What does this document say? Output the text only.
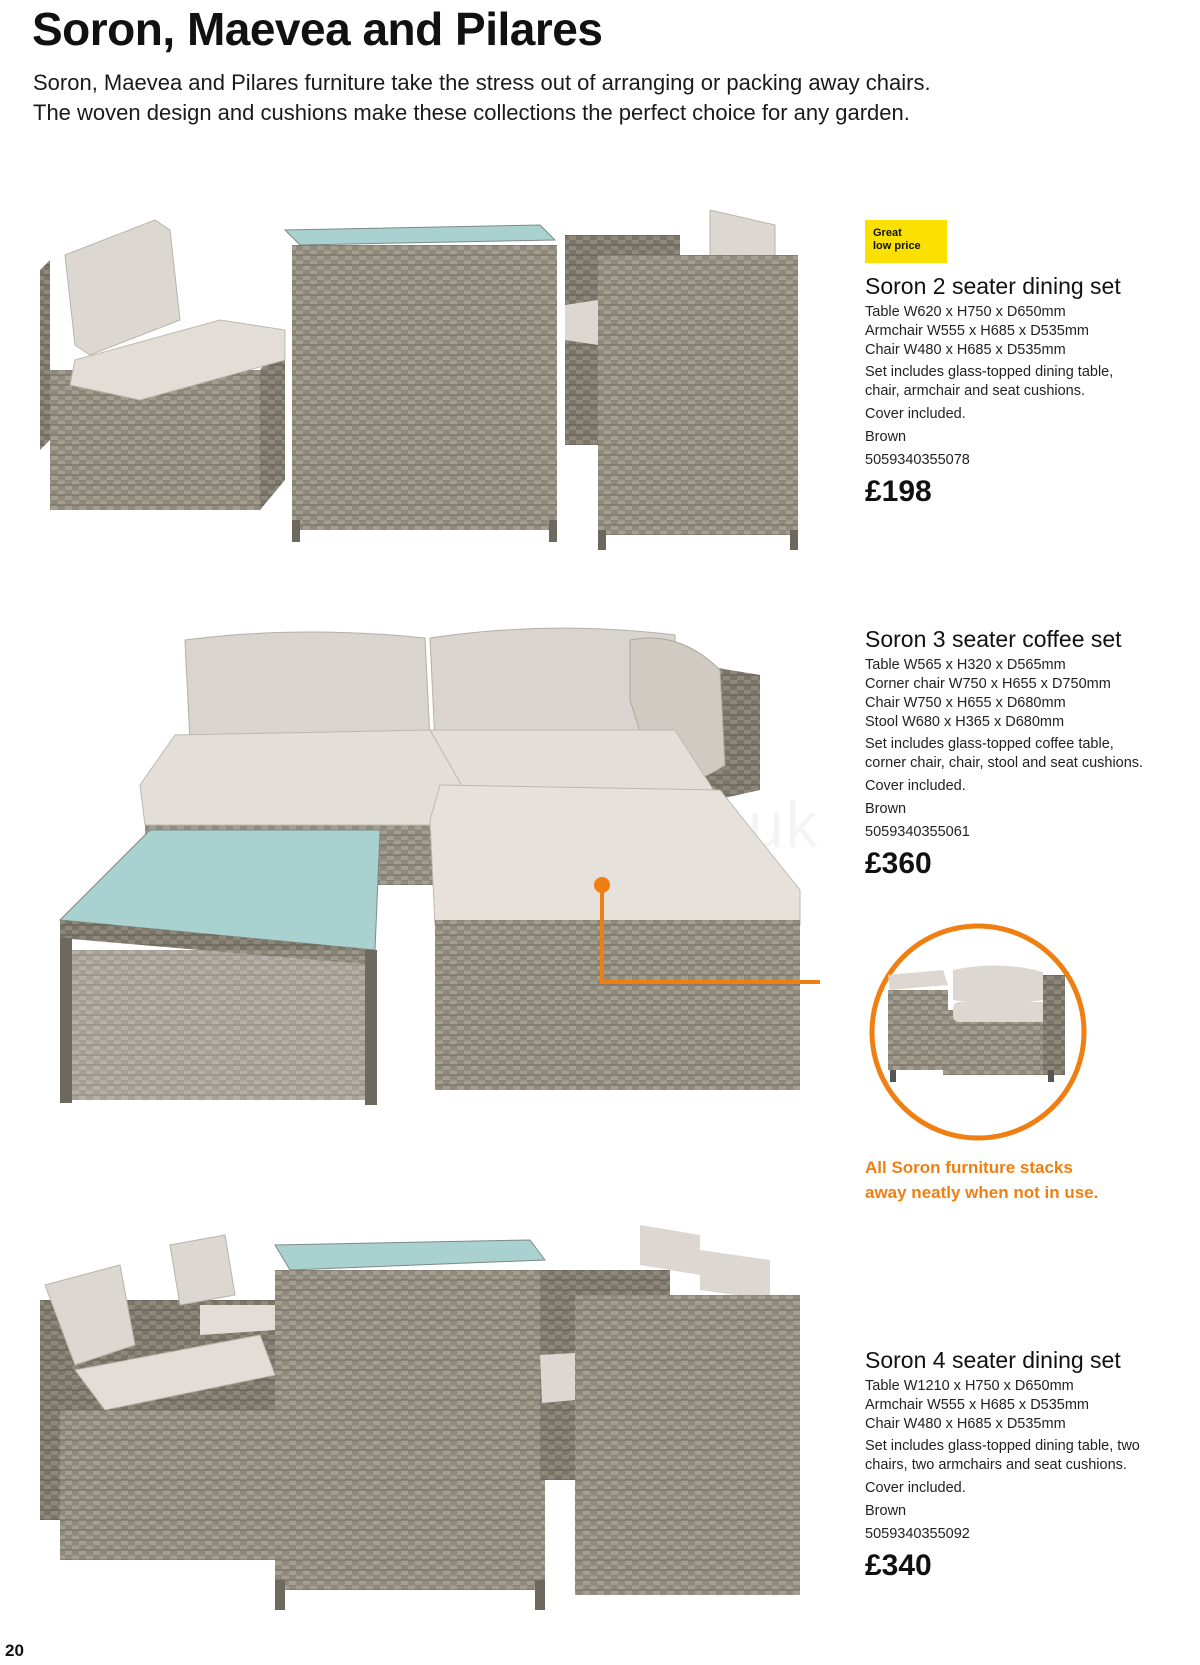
Soron, Maevea and Pilares
Soron, Maevea and Pilares furniture take the stress out of arranging or packing away chairs.
The woven design and cushions make these collections the perfect choice for any garden.
Great
low price
Soron 2 seater dining set
Table W620 x H750 x D650mm
Armchair W555 x H685 x D535mm
Chair W480 x H685 x D535mm
Set includes glass-topped dining table,
chair, armchair and seat cushions.
Cover included.
Brown
5059340355078
£198
Soron 3 seater coffee set
Table W565 x H320 x D565mm
Corner chair W750 x H655 x D750mm
Chair W750 x H655 x D680mm
Stool W680 x H365 x D680mm
Set includes glass-topped coffee table,
corner chair, chair, stool and seat cushions.
Cover included.
Brown
5059340355061
£360
All Soron furniture stacks
away neatly when not in use.
Soron 4 seater dining set
Table W1210 x H750 x D650mm
Armchair W555 x H685 x D535mm
Chair W480 x H685 x D535mm
Set includes glass-topped dining table, two
chairs, two armchairs and seat cushions.
Cover included.
Brown
5059340355092
£340
20
